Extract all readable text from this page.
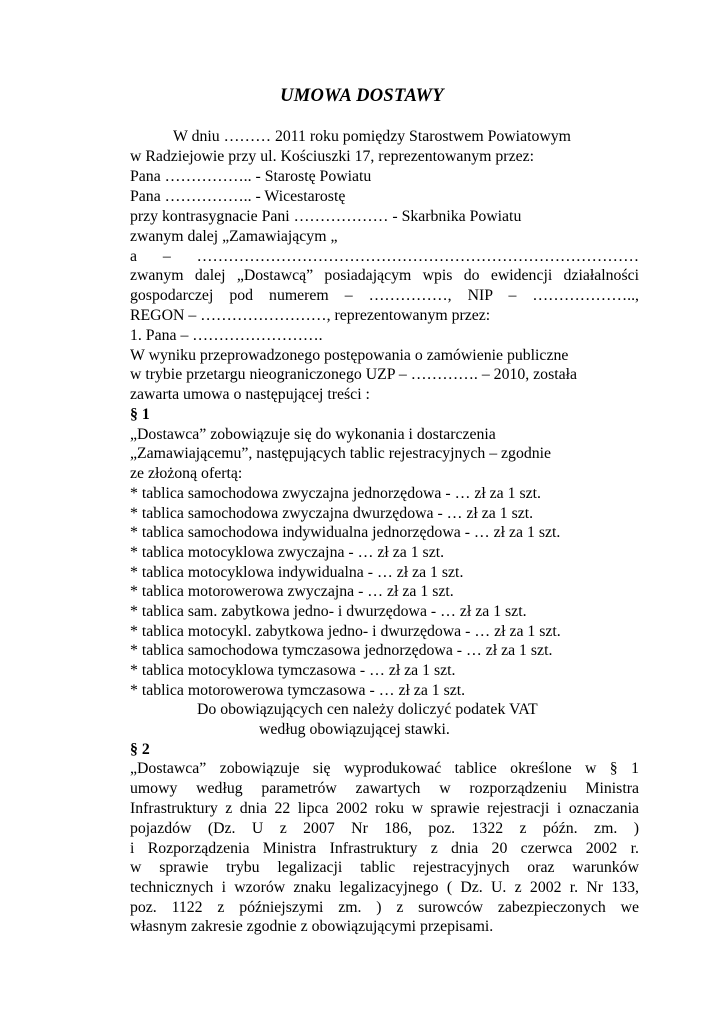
UMOWA DOSTAWY
W dniu ……… 2011 roku pomiędzy Starostwem Powiatowym
w Radziejowie przy ul. Kościuszki 17, reprezentowanym przez:
Pana …………….. - Starostę Powiatu
Pana …………….. - Wicestarostę
przy kontrasygnacie Pani ……………… - Skarbnika Powiatu
zwanym dalej „Zamawiającym „
a – …………………………………………………………………………
zwanym dalej „Dostawcą” posiadającym wpis do ewidencji działalności
gospodarczej pod numerem – ……………, NIP – ………………..,
REGON – ……………………, reprezentowanym przez:
1. Pana – …………………….
W wyniku przeprowadzonego postępowania o zamówienie publiczne
w trybie przetargu nieograniczonego UZP – …………. – 2010, została
zawarta umowa o następującej treści :
§ 1
„Dostawca” zobowiązuje się do wykonania i dostarczenia
„Zamawiającemu”, następujących tablic rejestracyjnych – zgodnie
ze złożoną ofertą:
* tablica samochodowa zwyczajna jednorzędowa - … zł za 1 szt.
* tablica samochodowa zwyczajna dwurzędowa - … zł za 1 szt.
* tablica samochodowa indywidualna jednorzędowa - … zł za 1 szt.
* tablica motocyklowa zwyczajna - … zł za 1 szt.
* tablica motocyklowa indywidualna - … zł za 1 szt.
* tablica motorowerowa zwyczajna - … zł za 1 szt.
* tablica sam. zabytkowa jedno- i dwurzędowa - … zł za 1 szt.
* tablica motocykl. zabytkowa jedno- i dwurzędowa - … zł za 1 szt.
* tablica samochodowa tymczasowa jednorzędowa - … zł za 1 szt.
* tablica motocyklowa tymczasowa - … zł za 1 szt.
* tablica motorowerowa tymczasowa - … zł za 1 szt.
Do obowiązujących cen należy doliczyć podatek VAT
według obowiązującej stawki.
§ 2
„Dostawca” zobowiązuje się wyprodukować tablice określone w § 1
umowy według parametrów zawartych w rozporządzeniu Ministra
Infrastruktury z dnia 22 lipca 2002 roku w sprawie rejestracji i oznaczania
pojazdów (Dz. U z 2007 Nr 186, poz. 1322 z późn. zm. )
i Rozporządzenia Ministra Infrastruktury z dnia 20 czerwca 2002 r.
w sprawie trybu legalizacji tablic rejestracyjnych oraz warunków
technicznych i wzorów znaku legalizacyjnego ( Dz. U. z 2002 r. Nr 133,
poz. 1122 z późniejszymi zm. ) z surowców zabezpieczonych we
własnym zakresie zgodnie z obowiązującymi przepisami.
